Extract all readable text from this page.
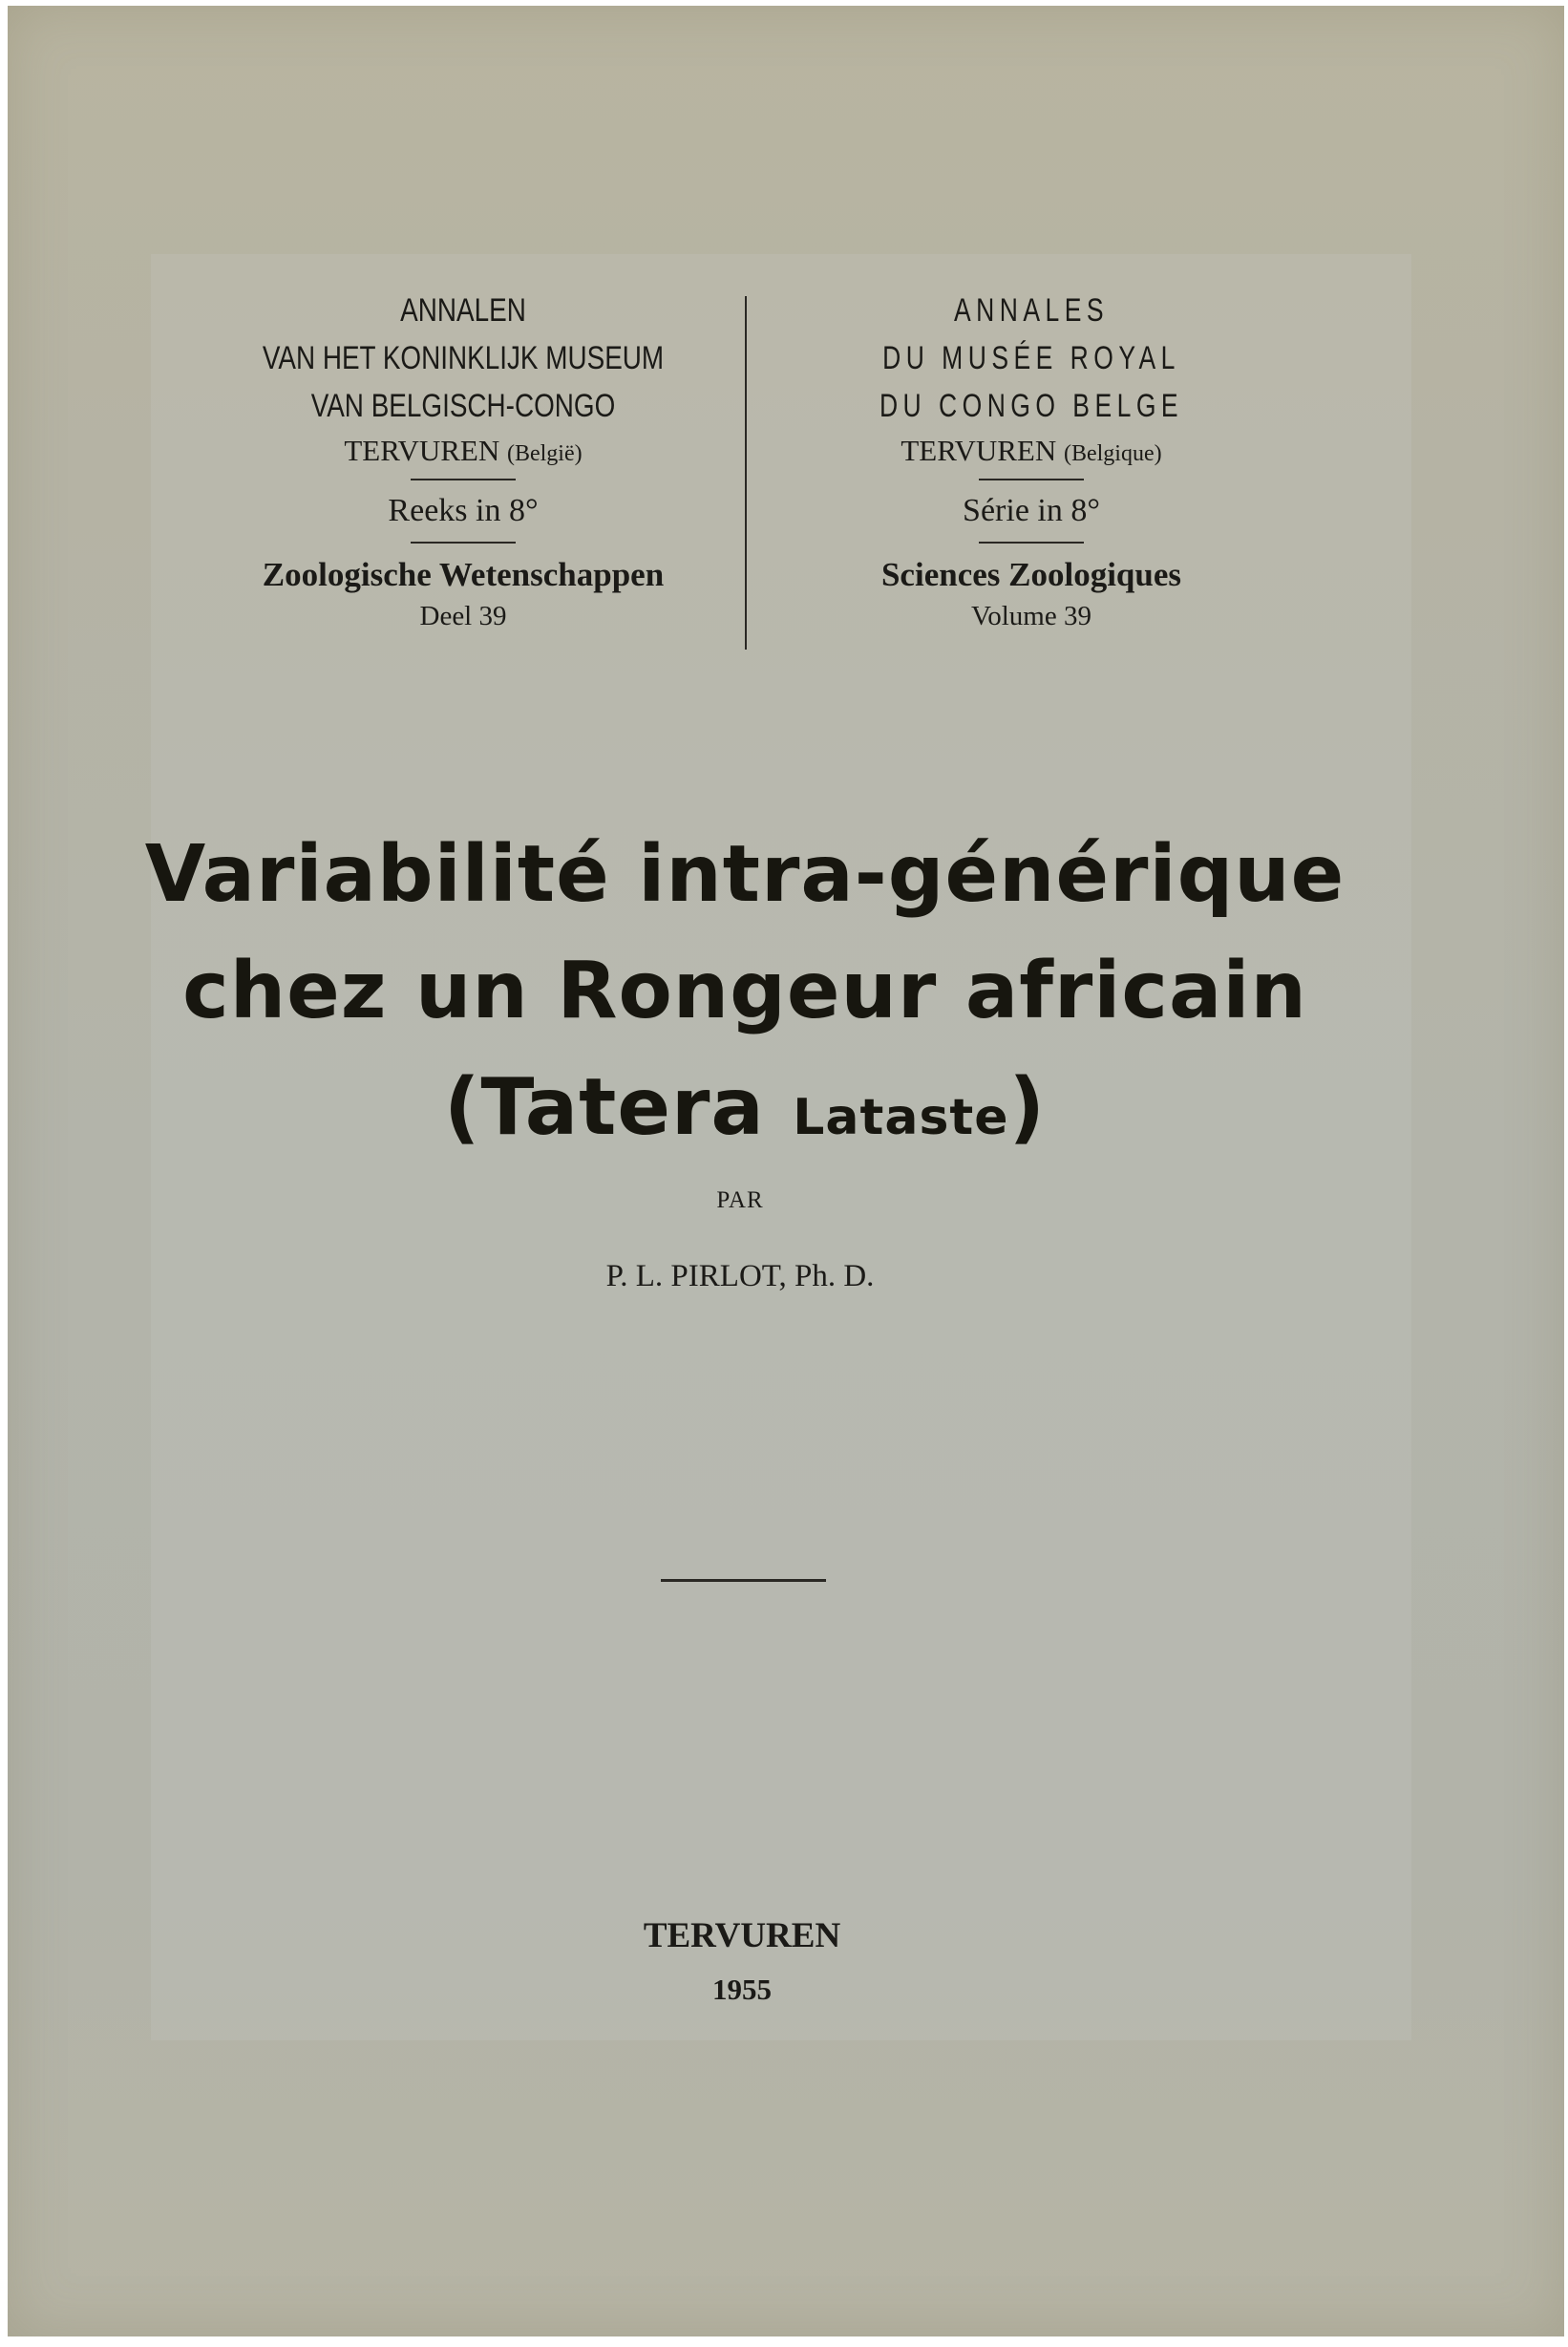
ANNALEN
VAN HET KONINKLIJK MUSEUM
VAN BELGISCH-CONGO
TERVUREN (België)
Reeks in 8°
Zoologische Wetenschappen
Deel 39
ANNALES
DU MUSÉE ROYAL
DU CONGO BELGE
TERVUREN (Belgique)
Série in 8°
Sciences Zoologiques
Volume 39
Variabilité intra-générique
chez un Rongeur africain
(Tatera Lataste)
PAR
P. L. PIRLOT, Ph. D.
TERVUREN
1955
